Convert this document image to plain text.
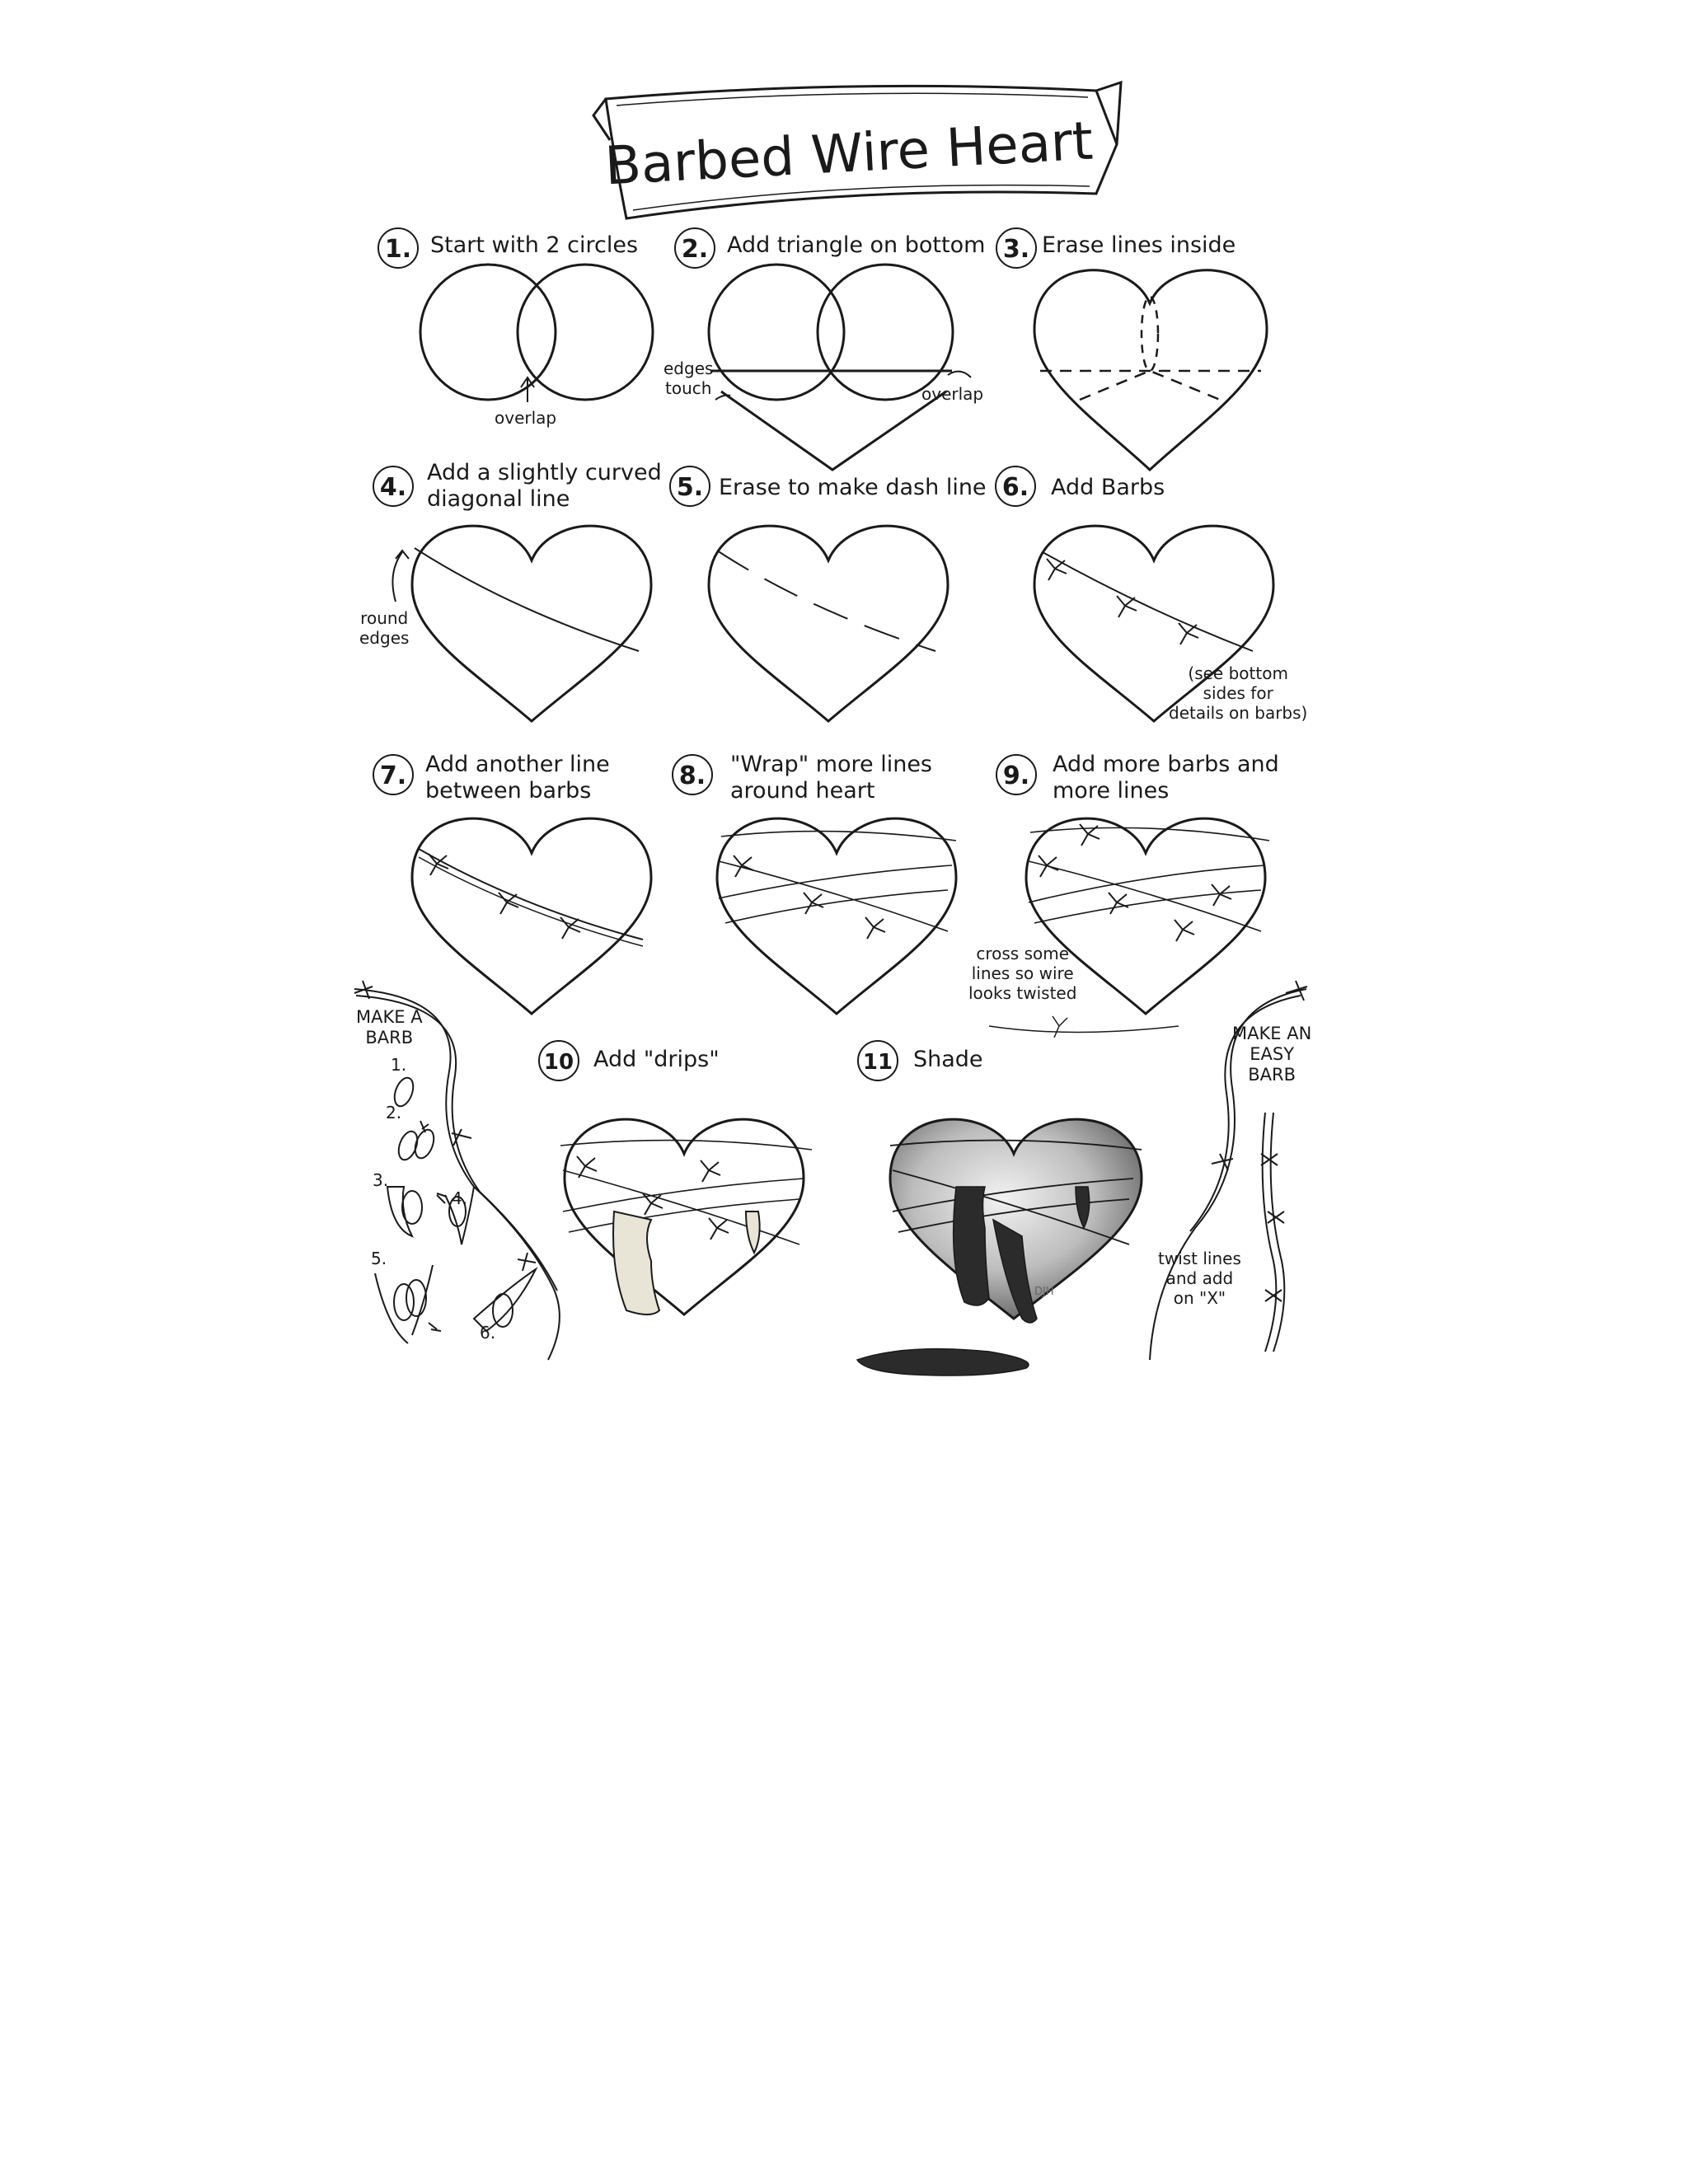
Barbed Wire Heart
1. Start with 2 circles 2. Add triangle on bottom 3. Erase lines inside
4.
Add a slightly curved
diagonal line	5. Erase to make dash line 6. Add Barbs
7. Add another line
between barbs
8.	"Wrap" more lines
around heart
9.	Add more barbs and
more lines
10 Add "drips"	11 Shade
overlap
edges
touch	overlap
round
edges
(see bottom
sides for
details on barbs)
cross some
lines so wire
looks twisted
MAKE A
BARB	MAKE AN
EASY
BARB
twist lines
and add
on "X"
DJH
1.
2.
3.
4.
5.
6.
